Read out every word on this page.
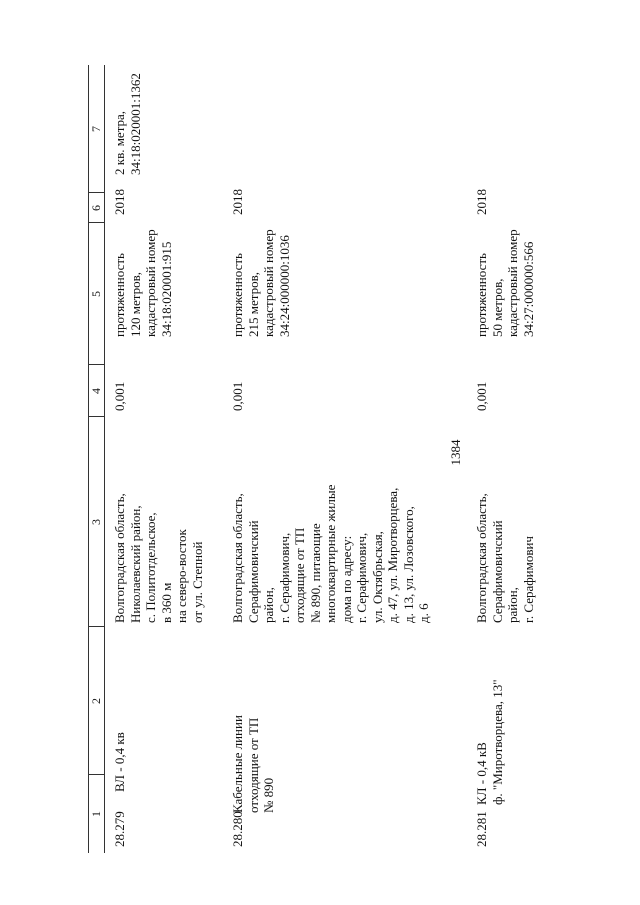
1384
1
2
3
4
5
6
7
28.279
ВЛ - 0,4 кв
Волгоградская область,
Николаевский район,
с. Политотдельское,
в 360 м
на северо-восток
от ул. Степной
0,001
протяженность
120 метров,
кадастровый номер
34:18:020001:915
2018
2 кв. метра,
34:18:020001:1362
28.280
Кабельные линии
отходящие от ТП
№ 890
Волгоградская область,
Серафимовичский
район,
г. Серафимович,
отходящие от ТП
№ 890, питающие
многоквартирные жилые
дома по адресу:
г. Серафимович,
ул. Октябрьская,
д. 47, ул. Миротворцева,
д. 13, ул. Лозовского,
д. 6
0,001
протяженность
215 метров,
кадастровый номер
34:24:000000:1036
2018
28.281
КЛ - 0,4 кВ
ф. "Миротворцева, 13"
Волгоградская область,
Серафимовичский
район,
г. Серафимович
0,001
протяженность
50 метров,
кадастровый номер
34:27:000000:566
2018
